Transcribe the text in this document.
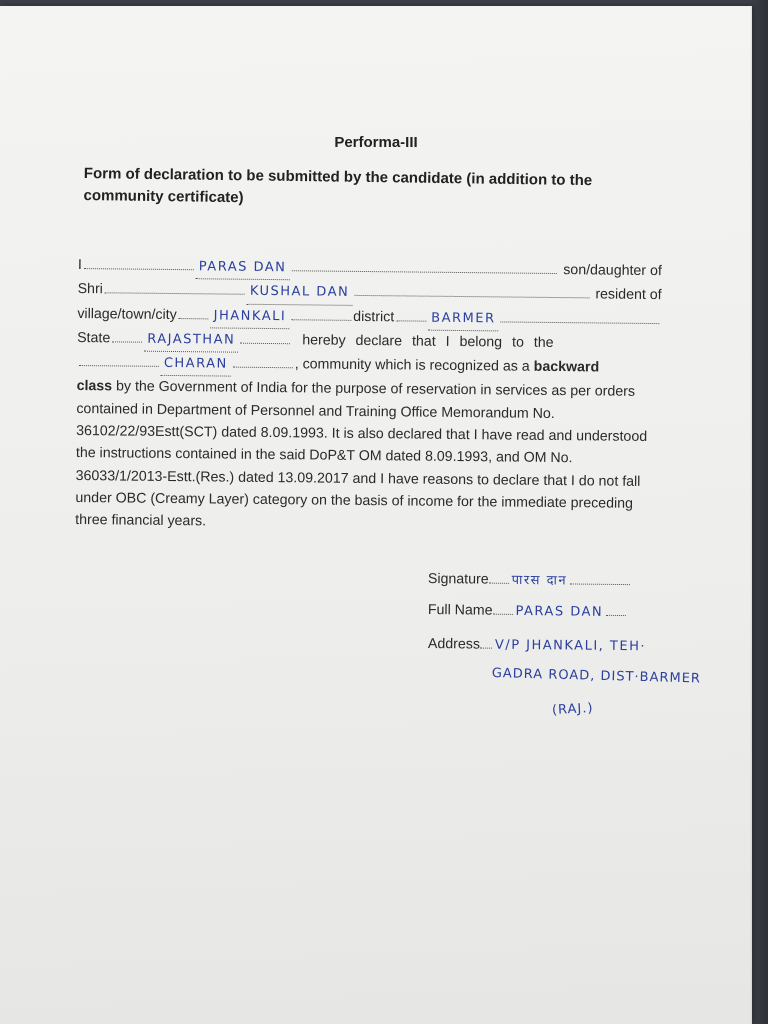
Performa-III
Form of declaration to be submitted by the candidate (in addition to the community certificate)
I	PARAS DAN	son/daughter of
Shri	KUSHAL DAN	resident of
village/town/city	JHANKALI	district	BARMER
State	RAJASTHAN	hereby declare that I belong to the
CHARAN	, community which is recognized as a backward
class by the Government of India for the purpose of reservation in services as per orders contained in Department of Personnel and Training Office Memorandum No. 36102/22/93Estt(SCT) dated 8.09.1993. It is also declared that I have read and understood the instructions contained in the said DoP&T OM dated 8.09.1993, and OM No. 36033/1/2013-Estt.(Res.) dated 13.09.2017 and I have reasons to declare that I do not fall under OBC (Creamy Layer) category on the basis of income for the immediate preceding three financial years.
Signature पारस दान
Full Name PARAS DAN
Address V/P JHANKALI, TEH·
GADRA ROAD, DIST·BARMER
(RAJ.)
